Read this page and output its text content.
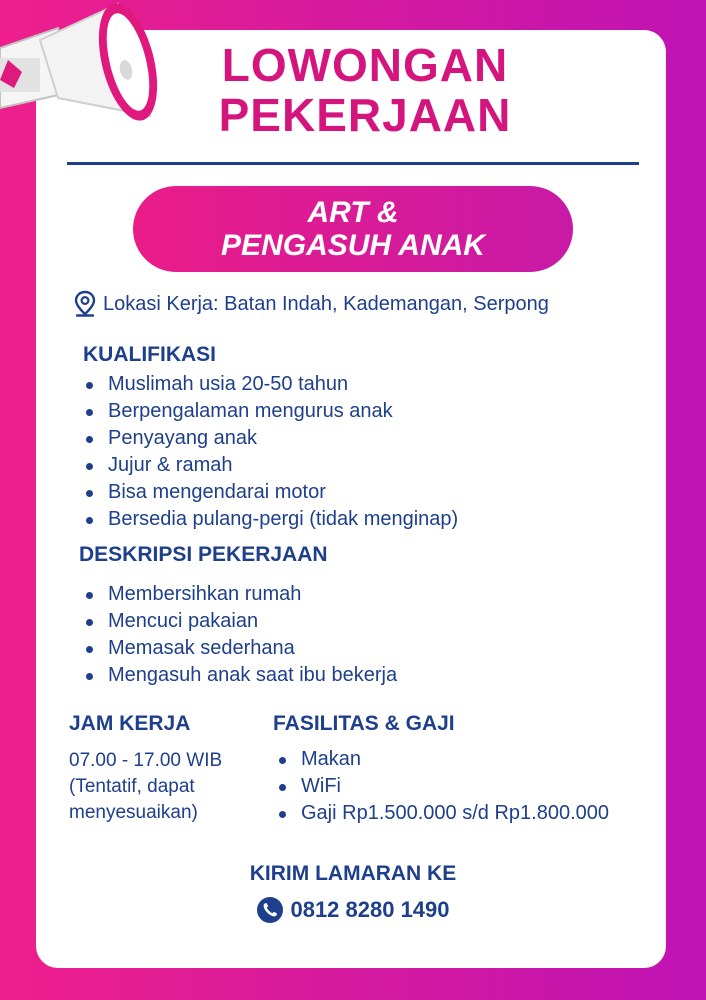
LOWONGAN
PEKERJAAN
ART &
PENGASUH ANAK
Lokasi Kerja: Batan Indah, Kademangan, Serpong
KUALIFIKASI
Muslimah usia 20-50 tahun
Berpengalaman mengurus anak
Penyayang anak
Jujur & ramah
Bisa mengendarai motor
Bersedia pulang-pergi (tidak menginap)
DESKRIPSI PEKERJAAN
Membersihkan rumah
Mencuci pakaian
Memasak sederhana
Mengasuh anak saat ibu bekerja
JAM KERJA

07.00 - 17.00 WIB
(Tentatif, dapat
menyesuaikan)

FASILITAS & GAJI
Makan
WiFi
Gaji Rp1.500.000 s/d Rp1.800.000
KIRIM LAMARAN KE
0812 8280 1490
